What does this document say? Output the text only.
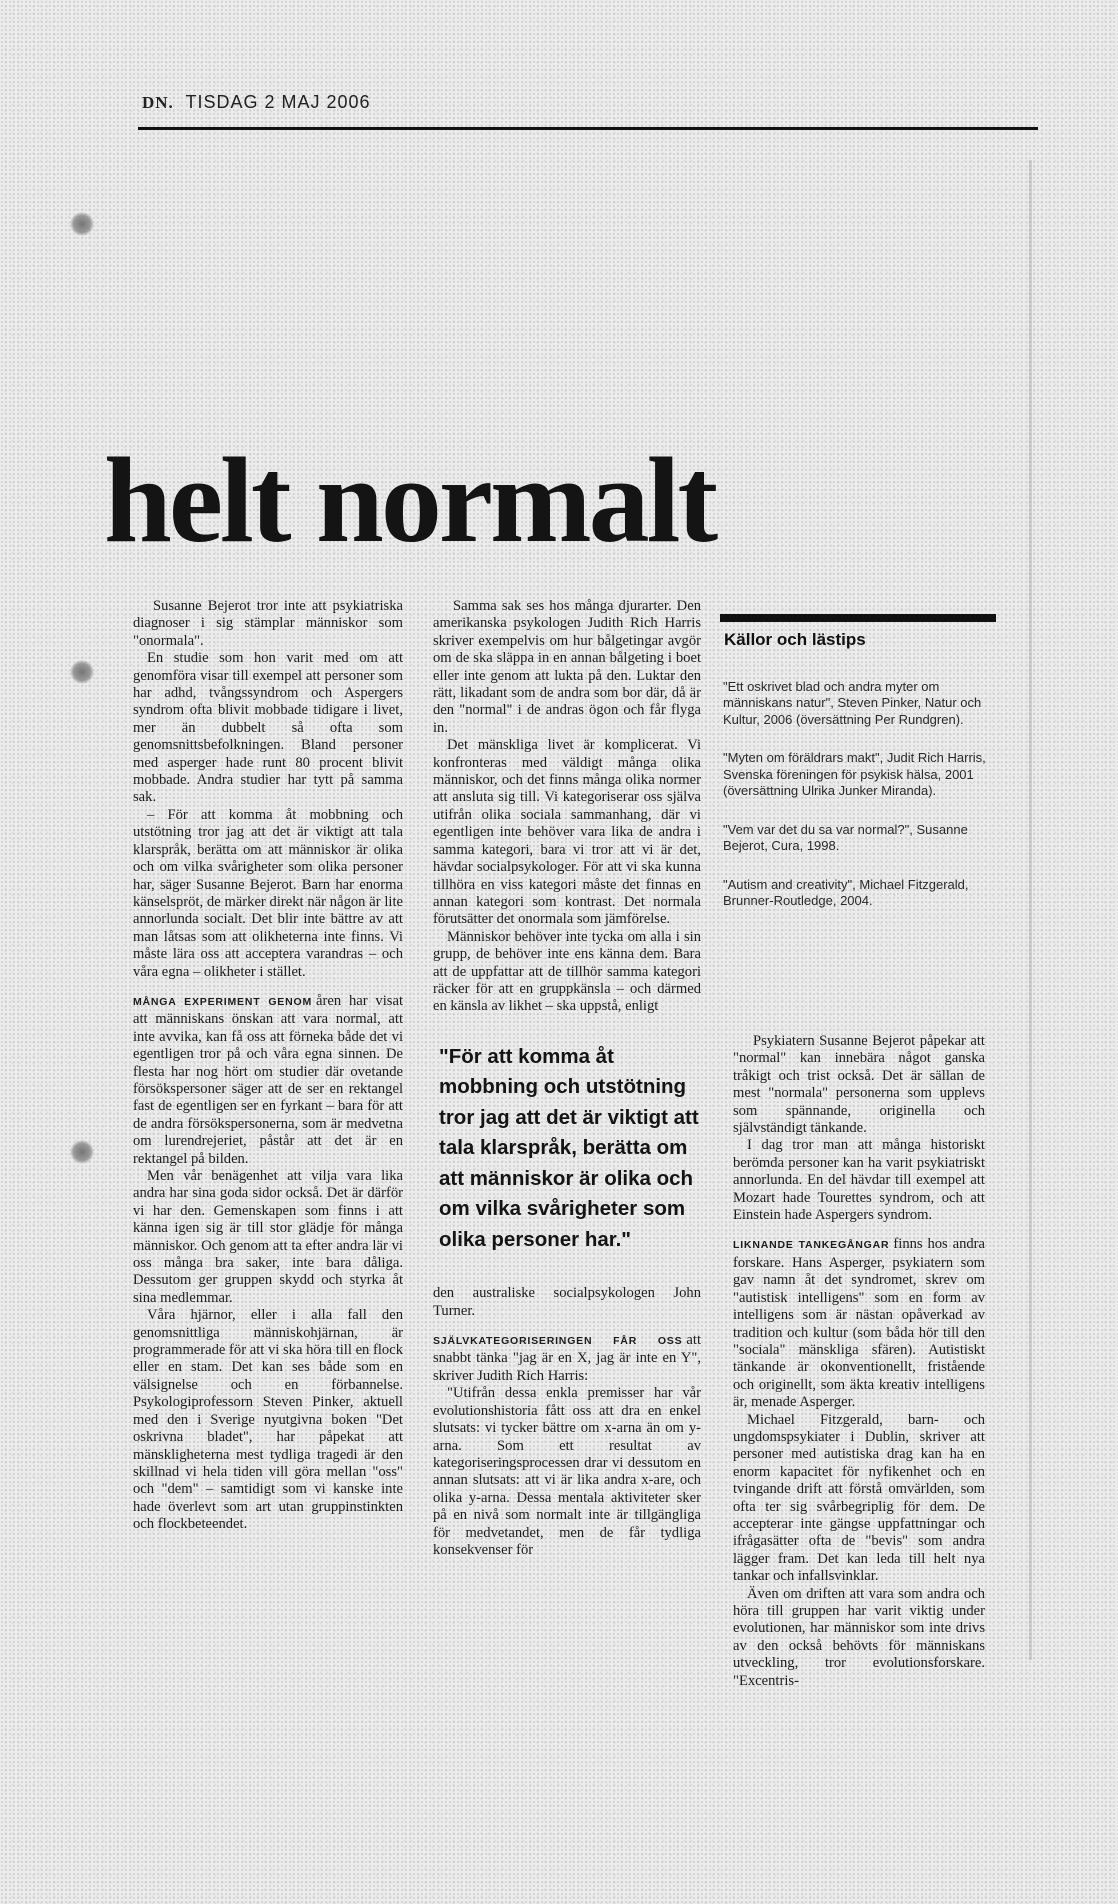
DN. TISDAG 2 MAJ 2006
helt normalt

Susanne Bejerot tror inte att psykiatriska diagnoser i sig stämplar människor som "onormala".

En studie som hon varit med om att genomföra visar till exempel att personer som har adhd, tvångssyndrom och Aspergers syndrom ofta blivit mobbade tidigare i livet, mer än dubbelt så ofta som genomsnittsbefolkningen. Bland personer med asperger hade runt 80 procent blivit mobbade. Andra studier har tytt på samma sak.

– För att komma åt mobbning och utstötning tror jag att det är viktigt att tala klarspråk, berätta om att människor är olika och om vilka svårigheter som olika personer har, säger Susanne Bejerot. Barn har enorma känselspröt, de märker direkt när någon är lite annorlunda socialt. Det blir inte bättre av att man låtsas som att olikheterna inte finns. Vi måste lära oss att acceptera varandras – och våra egna – olikheter i stället.

MÅNGA EXPERIMENT GENOM åren har visat att människans önskan att vara normal, att inte avvika, kan få oss att förneka både det vi egentligen tror på och våra egna sinnen. De flesta har nog hört om studier där ovetande försökspersoner säger att de ser en rektangel fast de egentligen ser en fyrkant – bara för att de andra försökspersonerna, som är medvetna om lurendrejeriet, påstår att det är en rektangel på bilden.

Men vår benägenhet att vilja vara lika andra har sina goda sidor också. Det är därför vi har den. Gemenskapen som finns i att känna igen sig är till stor glädje för många människor. Och genom att ta efter andra lär vi oss många bra saker, inte bara dåliga. Dessutom ger gruppen skydd och styrka åt sina medlemmar.

Våra hjärnor, eller i alla fall den genomsnittliga människohjärnan, är programmerade för att vi ska höra till en flock eller en stam. Det kan ses både som en välsignelse och en förbannelse. Psykologiprofessorn Steven Pinker, aktuell med den i Sverige nyutgivna boken "Det oskrivna bladet", har påpekat att mänskligheterna mest tydliga tragedi är den skillnad vi hela tiden vill göra mellan "oss" och "dem" – samtidigt som vi kanske inte hade överlevt som art utan gruppinstinkten och flockbeteendet.

Samma sak ses hos många djurarter. Den amerikanska psykologen Judith Rich Harris skriver exempelvis om hur bålgetingar avgör om de ska släppa in en annan bålgeting i boet eller inte genom att lukta på den. Luktar den rätt, likadant som de andra som bor där, då är den "normal" i de andras ögon och får flyga in.

Det mänskliga livet är komplicerat. Vi konfronteras med väldigt många olika människor, och det finns många olika normer att ansluta sig till. Vi kategoriserar oss själva utifrån olika sociala sammanhang, där vi egentligen inte behöver vara lika de andra i samma kategori, bara vi tror att vi är det, hävdar socialpsykologer. För att vi ska kunna tillhöra en viss kategori måste det finnas en annan kategori som kontrast. Det normala förutsätter det onormala som jämförelse.

Människor behöver inte tycka om alla i sin grupp, de behöver inte ens känna dem. Bara att de uppfattar att de tillhör samma kategori räcker för att en gruppkänsla – och därmed en känsla av likhet – ska uppstå, enligt

"För att komma åt mobbning och utstötning tror jag att det är viktigt att tala klarspråk, berätta om att människor är olika och om vilka svårigheter som olika personer har."

den australiske socialpsykologen John Turner.

SJÄLVKATEGORISERINGEN FÅR OSS att snabbt tänka "jag är en X, jag är inte en Y", skriver Judith Rich Harris:

"Utifrån dessa enkla premisser har vår evolutionshistoria fått oss att dra en enkel slutsats: vi tycker bättre om x-arna än om y-arna. Som ett resultat av kategoriseringsprocessen drar vi dessutom en annan slutsats: att vi är lika andra x-are, och olika y-arna. Dessa mentala aktiviteter sker på en nivå som normalt inte är tillgängliga för medvetandet, men de får tydliga konsekvenser för

Källor och lästips
"Ett oskrivet blad och andra myter om människans natur", Steven Pinker, Natur och Kultur, 2006 (översättning Per Rundgren).
"Myten om föräldrars makt", Judit Rich Harris, Svenska föreningen för psykisk hälsa, 2001 (översättning Ulrika Junker Miranda).
"Vem var det du sa var normal?", Susanne Bejerot, Cura, 1998.
"Autism and creativity", Michael Fitzgerald, Brunner-Routledge, 2004.

Psykiatern Susanne Bejerot påpekar att "normal" kan innebära något ganska tråkigt och trist också. Det är sällan de mest "normala" personerna som upplevs som spännande, originella och självständigt tänkande.

I dag tror man att många historiskt berömda personer kan ha varit psykiatriskt annorlunda. En del hävdar till exempel att Mozart hade Tourettes syndrom, och att Einstein hade Aspergers syndrom.

LIKNANDE TANKEGÅNGAR finns hos andra forskare. Hans Asperger, psykiatern som gav namn åt det syndromet, skrev om "autistisk intelligens" som en form av intelligens som är nästan opåverkad av tradition och kultur (som båda hör till den "sociala" mänskliga sfären). Autistiskt tänkande är okonventionellt, fristående och originellt, som äkta kreativ intelligens är, menade Asperger.

Michael Fitzgerald, barn- och ungdomspsykiater i Dublin, skriver att personer med autistiska drag kan ha en enorm kapacitet för nyfikenhet och en tvingande drift att förstå omvärlden, som ofta ter sig svårbegriplig för dem. De accepterar inte gängse uppfattningar och ifrågasätter ofta de "bevis" som andra lägger fram. Det kan leda till helt nya tankar och infallsvinklar.

Även om driften att vara som andra och höra till gruppen har varit viktig under evolutionen, har människor som inte drivs av den också behövts för människans utveckling, tror evolutionsforskare. "Excentris-
